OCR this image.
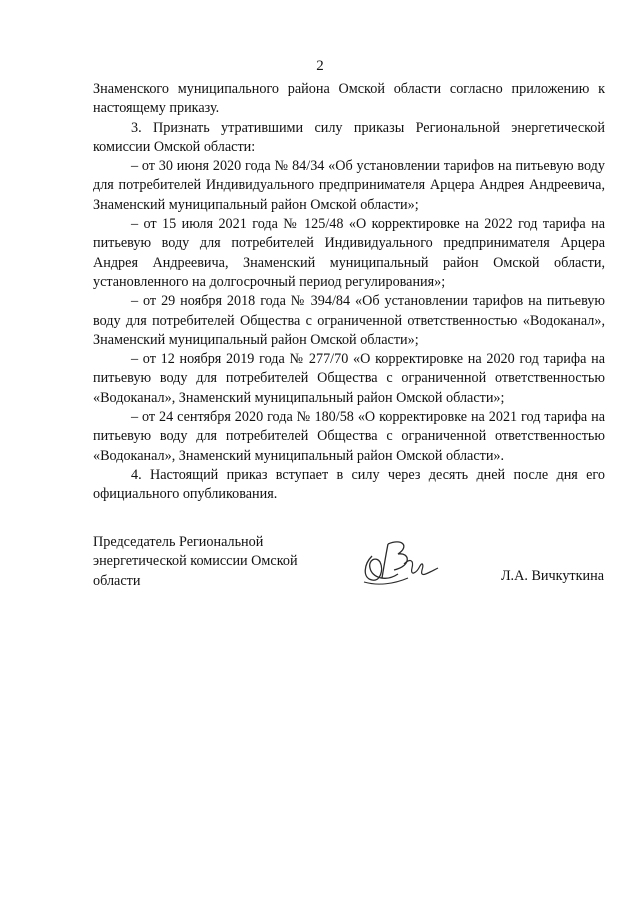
2

Знаменского муниципального района Омской области согласно приложению к настоящему приказу.

3. Признать утратившими силу приказы Региональной энергетической комиссии Омской области:

– от 30 июня 2020 года № 84/34 «Об установлении тарифов на питьевую воду для потребителей Индивидуального предпринимателя Арцера Андрея Андреевича, Знаменский муниципальный район Омской области»;

– от 15 июля 2021 года № 125/48 «О корректировке на 2022 год тарифа на питьевую воду для потребителей Индивидуального предпринимателя Арцера Андрея Андреевича, Знаменский муниципальный район Омской области, установленного на долгосрочный период регулирования»;

– от 29 ноября 2018 года № 394/84 «Об установлении тарифов на питьевую воду для потребителей Общества с ограниченной ответственностью «Водоканал», Знаменский муниципальный район Омской области»;

– от 12 ноября 2019 года № 277/70 «О корректировке на 2020 год тарифа на питьевую воду для потребителей Общества с ограниченной ответственностью «Водоканал», Знаменский муниципальный район Омской области»;

– от 24 сентября 2020 года № 180/58 «О корректировке на 2021 год тарифа на питьевую воду для потребителей Общества с ограниченной ответственностью «Водоканал», Знаменский муниципальный район Омской области».

4. Настоящий приказ вступает в силу через десять дней после дня его официального опубликования.

Председатель Региональной
энергетической комиссии Омской
области	Л.А. Вичкуткина
